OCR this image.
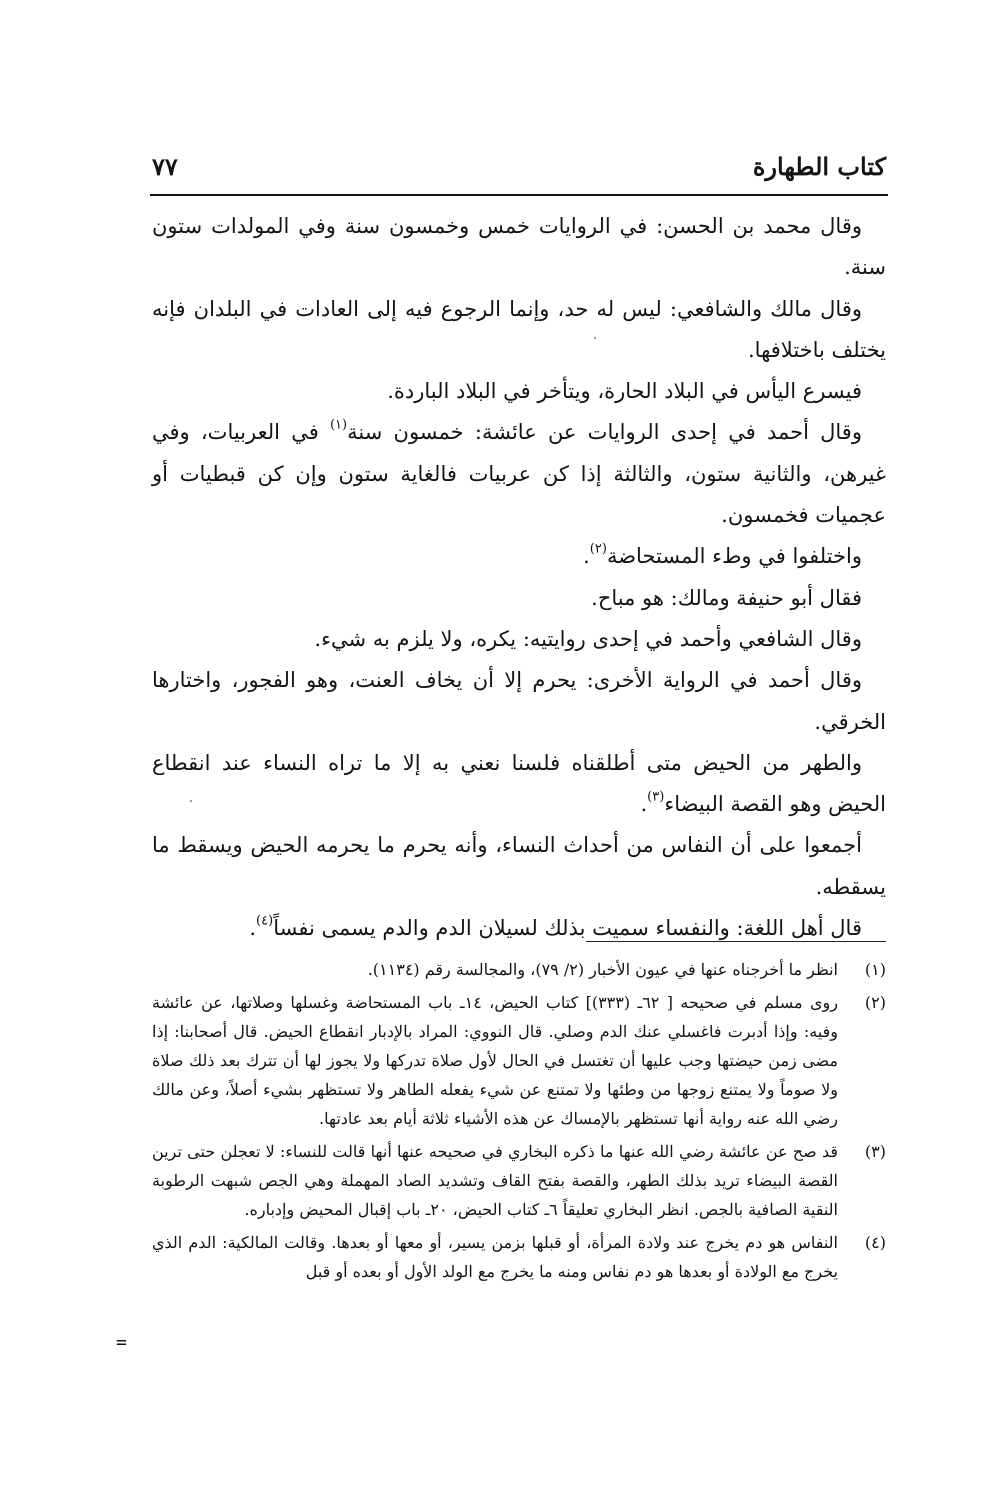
كتاب الطهارة
٧٧

وقال محمد بن الحسن: في الروايات خمس وخمسون سنة وفي المولدات ستون سنة.

وقال مالك والشافعي: ليس له حد، وإنما الرجوع فيه إلى العادات في البلدان فإنه يختلف باختلافها.

فيسرع اليأس في البلاد الحارة، ويتأخر في البلاد الباردة.

وقال أحمد في إحدى الروايات عن عائشة: خمسون سنة$^{(١)}$ في العربيات، وفي غيرهن، والثانية ستون، والثالثة إذا كن عربيات فالغاية ستون وإن كن قبطيات أو عجميات فخمسون.

واختلفوا في وطء المستحاضة$^{(٢)}$.

فقال أبو حنيفة ومالك: هو مباح.

وقال الشافعي وأحمد في إحدى روايتيه: يكره، ولا يلزم به شيء.

وقال أحمد في الرواية الأخرى: يحرم إلا أن يخاف العنت، وهو الفجور، واختارها الخرقي.

والطهر من الحيض متى أطلقناه فلسنا نعني به إلا ما تراه النساء عند انقطاع الحيض وهو القصة البيضاء$^{(٣)}$.

أجمعوا على أن النفاس من أحداث النساء، وأنه يحرم ما يحرمه الحيض ويسقط ما يسقطه.

قال أهل اللغة: والنفساء سميت بذلك لسيلان الدم والدم يسمى نفساً$^{(٤)}$.

(١)
انظر ما أخرجناه عنها في عيون الأخبار (٢/ ٧٩)، والمجالسة رقم (١١٣٤).
(٢)
روى مسلم في صحيحه [ ٦٢ـ (٣٣٣)] كتاب الحيض، ١٤ـ باب المستحاضة وغسلها وصلاتها، عن عائشة وفيه: وإذا أدبرت فاغسلي عنك الدم وصلي. قال النووي: المراد بالإدبار انقطاع الحيض. قال أصحابنا: إذا مضى زمن حيضتها وجب عليها أن تغتسل في الحال لأول صلاة تدركها ولا يجوز لها أن تترك بعد ذلك صلاة ولا صوماً ولا يمتنع زوجها من وطئها ولا تمتنع عن شيء يفعله الطاهر ولا تستظهر بشيء أصلاً، وعن مالك رضي الله عنه رواية أنها تستظهر بالإمساك عن هذه الأشياء ثلاثة أيام بعد عادتها.
(٣)
قد صح عن عائشة رضي الله عنها ما ذكره البخاري في صحيحه عنها أنها قالت للنساء: لا تعجلن حتى ترين القصة البيضاء تريد بذلك الطهر، والقصة بفتح القاف وتشديد الصاد المهملة وهي الجص شبهت الرطوبة النقية الصافية بالجص. انظر البخاري تعليقاً ٦ـ كتاب الحيض، ٢٠ـ باب إقبال المحيض وإدباره.
(٤)
النفاس هو دم يخرج عند ولادة المرأة، أو قبلها بزمن يسير، أو معها أو بعدها. وقالت المالكية: الدم الذي يخرج مع الولادة أو بعدها هو دم نفاس ومنه ما يخرج مع الولد الأول أو بعده أو قبل
=
